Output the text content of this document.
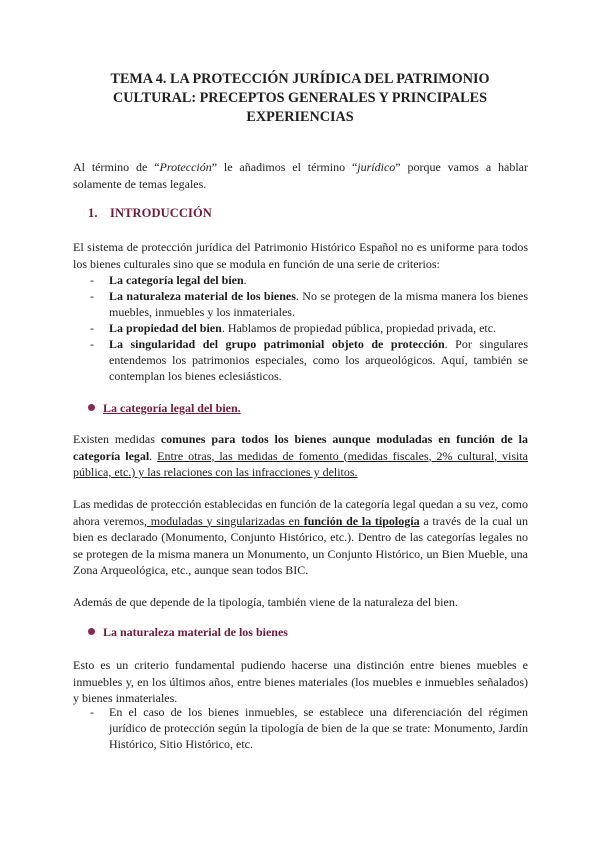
TEMA 4. LA PROTECCIÓN JURÍDICA DEL PATRIMONIO
CULTURAL: PRECEPTOS GENERALES Y PRINCIPALES
EXPERIENCIAS
Al término de “Protección” le añadimos el término “jurídico” porque vamos a hablar
solamente de temas legales.
1. INTRODUCCIÓN
El sistema de protección jurídica del Patrimonio Histórico Español no es uniforme para todos
los bienes culturales sino que se modula en función de una serie de criterios:
- La categoría legal del bien.
- La naturaleza material de los bienes. No se protegen de la misma manera los bienes muebles, inmuebles y los inmateriales.
- La propiedad del bien. Hablamos de propiedad pública, propiedad privada, etc.
- La singularidad del grupo patrimonial objeto de protección. Por singulares entendemos los patrimonios especiales, como los arqueológicos. Aquí, también se contemplan los bienes eclesiásticos.
La categoría legal del bien.
Existen medidas comunes para todos los bienes aunque moduladas en función de la categoría legal. Entre otras, las medidas de fomento (medidas fiscales, 2% cultural, visita pública, etc.) y las relaciones con las infracciones y delitos.
Las medidas de protección establecidas en función de la categoría legal quedan a su vez, como ahora veremos, moduladas y singularizadas en función de la tipología a través de la cual un bien es declarado (Monumento, Conjunto Histórico, etc.). Dentro de las categorías legales no se protegen de la misma manera un Monumento, un Conjunto Histórico, un Bien Mueble, una Zona Arqueológica, etc., aunque sean todos BIC.
Además de que depende de la tipología, también viene de la naturaleza del bien.
La naturaleza material de los bienes
Esto es un criterio fundamental pudiendo hacerse una distinción entre bienes muebles e inmuebles y, en los últimos años, entre bienes materiales (los muebles e inmuebles señalados) y bienes inmateriales.
- En el caso de los bienes inmuebles, se establece una diferenciación del régimen jurídico de protección según la tipología de bien de la que se trate: Monumento, Jardín Histórico, Sitio Histórico, etc.
